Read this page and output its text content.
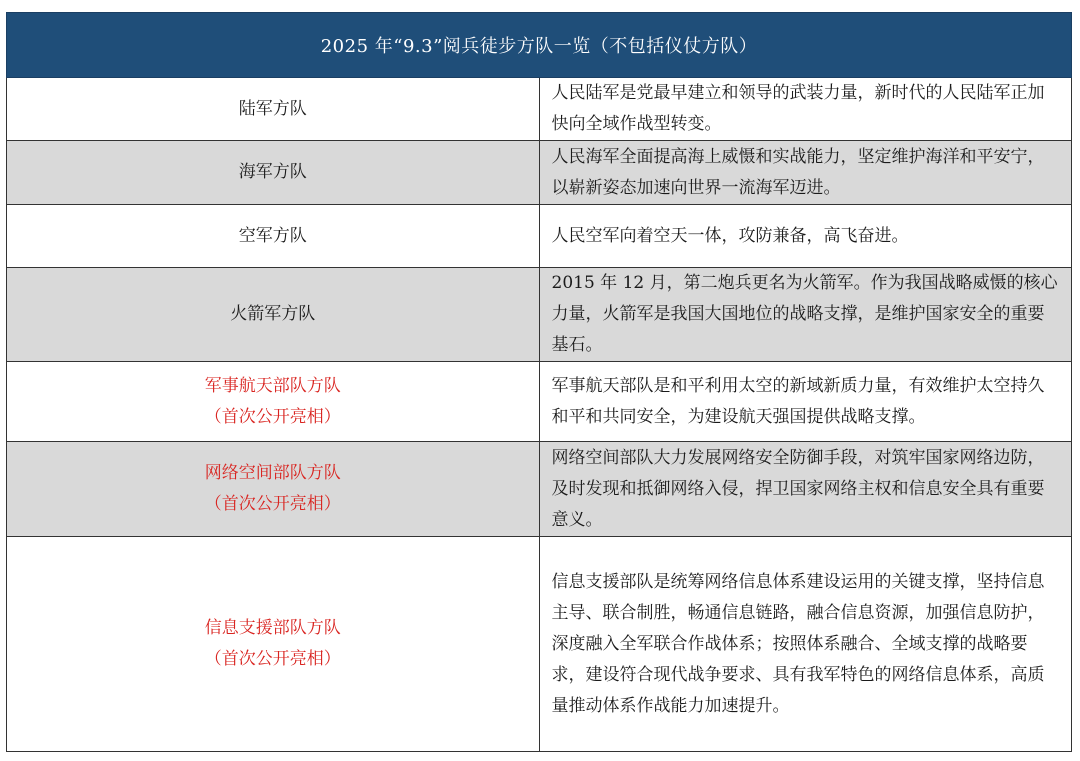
2025 年“9.3”阅兵徒步方队一览（不包括仪仗方队）	

陆军方队	人民陆军是党最早建立和领导的武装力量，新时代的人民陆军正加快向全域作战型转变。

海军方队	人民海军全面提高海上威慑和实战能力，坚定维护海洋和平安宁，以崭新姿态加速向世界一流海军迈进。

空军方队	人民空军向着空天一体，攻防兼备，高飞奋进。

火箭军方队	2015 年 12 月，第二炮兵更名为火箭军。作为我国战略威慑的核心力量，火箭军是我国大国地位的战略支撑，是维护国家安全的重要基石。

军事航天部队方队
（首次公开亮相）	军事航天部队是和平利用太空的新域新质力量，有效维护太空持久和平和共同安全，为建设航天强国提供战略支撑。

网络空间部队方队
（首次公开亮相）	网络空间部队大力发展网络安全防御手段，对筑牢国家网络边防，及时发现和抵御网络入侵，捍卫国家网络主权和信息安全具有重要意义。

信息支援部队方队
（首次公开亮相）	信息支援部队是统筹网络信息体系建设运用的关键支撑，坚持信息主导、联合制胜，畅通信息链路，融合信息资源，加强信息防护，深度融入全军联合作战体系；按照体系融合、全域支撑的战略要求，建设符合现代战争要求、具有我军特色的网络信息体系，高质量推动体系作战能力加速提升。
